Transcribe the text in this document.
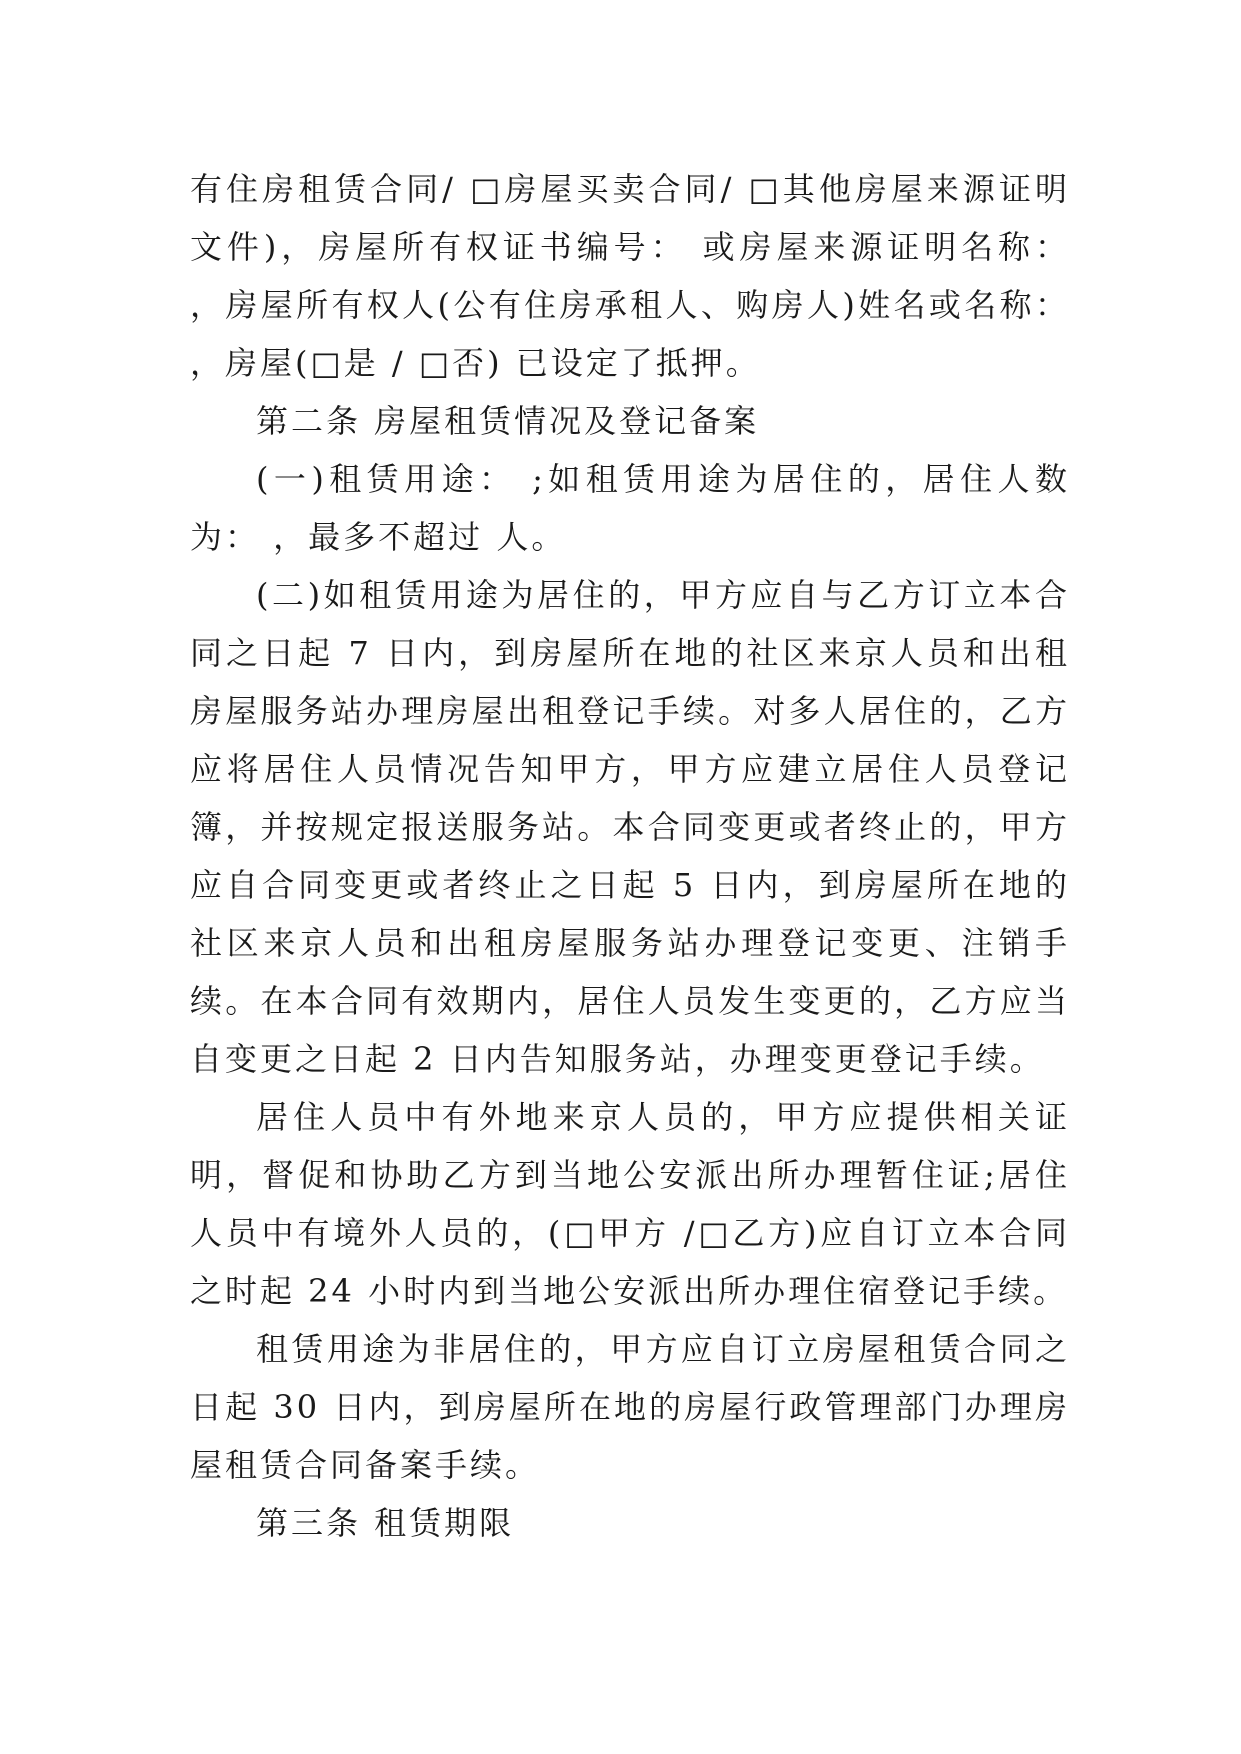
有住房租赁合同/ □房屋买卖合同/ □其他房屋来源证明文件)，房屋所有权证书编号： 或房屋来源证明名称： ，房屋所有权人(公有住房承租人、购房人)姓名或名称： ，房屋(□是 / □否) 已设定了抵押。

第二条 房屋租赁情况及登记备案

(一)租赁用途： ;如租赁用途为居住的，居住人数为： ，最多不超过 人。

(二)如租赁用途为居住的，甲方应自与乙方订立本合同之日起 7 日内，到房屋所在地的社区来京人员和出租房屋服务站办理房屋出租登记手续。对多人居住的，乙方应将居住人员情况告知甲方，甲方应建立居住人员登记簿，并按规定报送服务站。本合同变更或者终止的，甲方应自合同变更或者终止之日起 5 日内，到房屋所在地的社区来京人员和出租房屋服务站办理登记变更、注销手续。在本合同有效期内，居住人员发生变更的，乙方应当自变更之日起 2 日内告知服务站，办理变更登记手续。

居住人员中有外地来京人员的，甲方应提供相关证明，督促和协助乙方到当地公安派出所办理暂住证;居住人员中有境外人员的，(□甲方 /□乙方)应自订立本合同之时起 24 小时内到当地公安派出所办理住宿登记手续。

租赁用途为非居住的，甲方应自订立房屋租赁合同之日起 30 日内，到房屋所在地的房屋行政管理部门办理房屋租赁合同备案手续。

第三条 租赁期限
